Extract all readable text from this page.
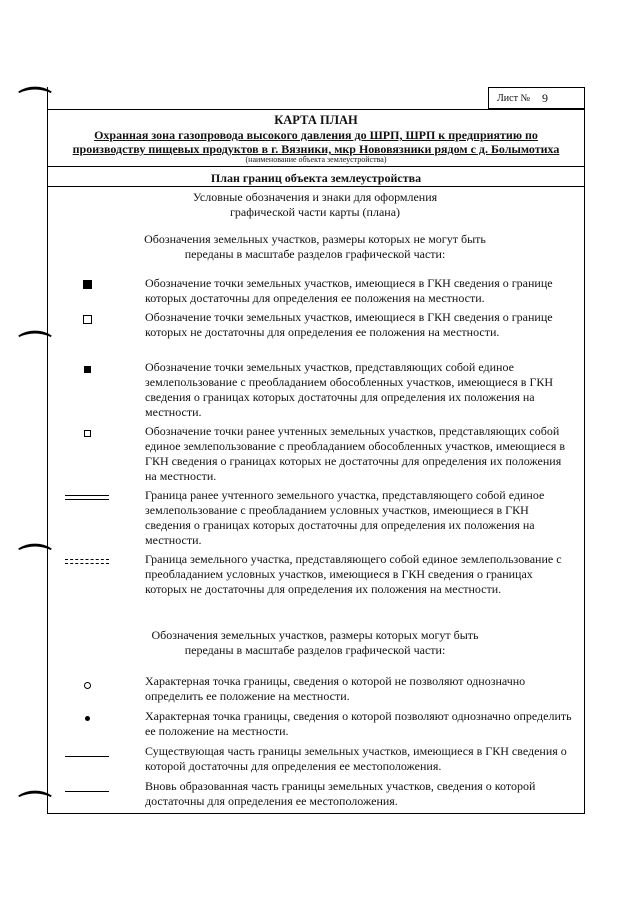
⌒
⌒
⌒
⌒
Лист № 9
КАРТА ПЛАН
Охранная зона газопровода высокого давления до ШРП, ШРП к предприятию по
производству пищевых продуктов в г. Вязники, мкр Нововязники рядом с д. Болымотиха
(наименование объекта землеустройства)
План границ объекта землеустройства
Условные обозначения и знаки для оформления
графической части карты (плана)
Обозначения земельных участков, размеры которых не могут быть
переданы в масштабе разделов графической части:
Обозначение точки земельных участков, имеющиеся в ГКН сведения о границе которых достаточны для определения ее положения на местности.
Обозначение точки земельных участков, имеющиеся в ГКН сведения о границе которых не достаточны для определения ее положения на местности.
Обозначение точки земельных участков, представляющих собой единое землепользование с преобладанием обособленных участков, имеющиеся в ГКН сведения о границах которых достаточны для определения их положения на местности.
Обозначение точки ранее учтенных земельных участков, представляющих собой единое землепользование с преобладанием обособленных участков, имеющиеся в ГКН сведения о границах которых не достаточны для определения их положения на местности.
Граница ранее учтенного земельного участка, представляющего собой единое землепользование с преобладанием условных участков, имеющиеся в ГКН сведения о границах которых достаточны для определения их положения на местности.
Граница земельного участка, представляющего собой единое землепользование с преобладанием условных участков, имеющиеся в ГКН сведения о границах которых не достаточны для определения их положения на местности.
Обозначения земельных участков, размеры которых могут быть
переданы в масштабе разделов графической части:
Характерная точка границы, сведения о которой не позволяют однозначно определить ее положение на местности.
Характерная точка границы, сведения о которой позволяют однозначно определить ее положение на местности.
Существующая часть границы земельных участков, имеющиеся в ГКН сведения о которой достаточны для определения ее местоположения.
Вновь образованная часть границы земельных участков, сведения о которой достаточны для определения ее местоположения.
